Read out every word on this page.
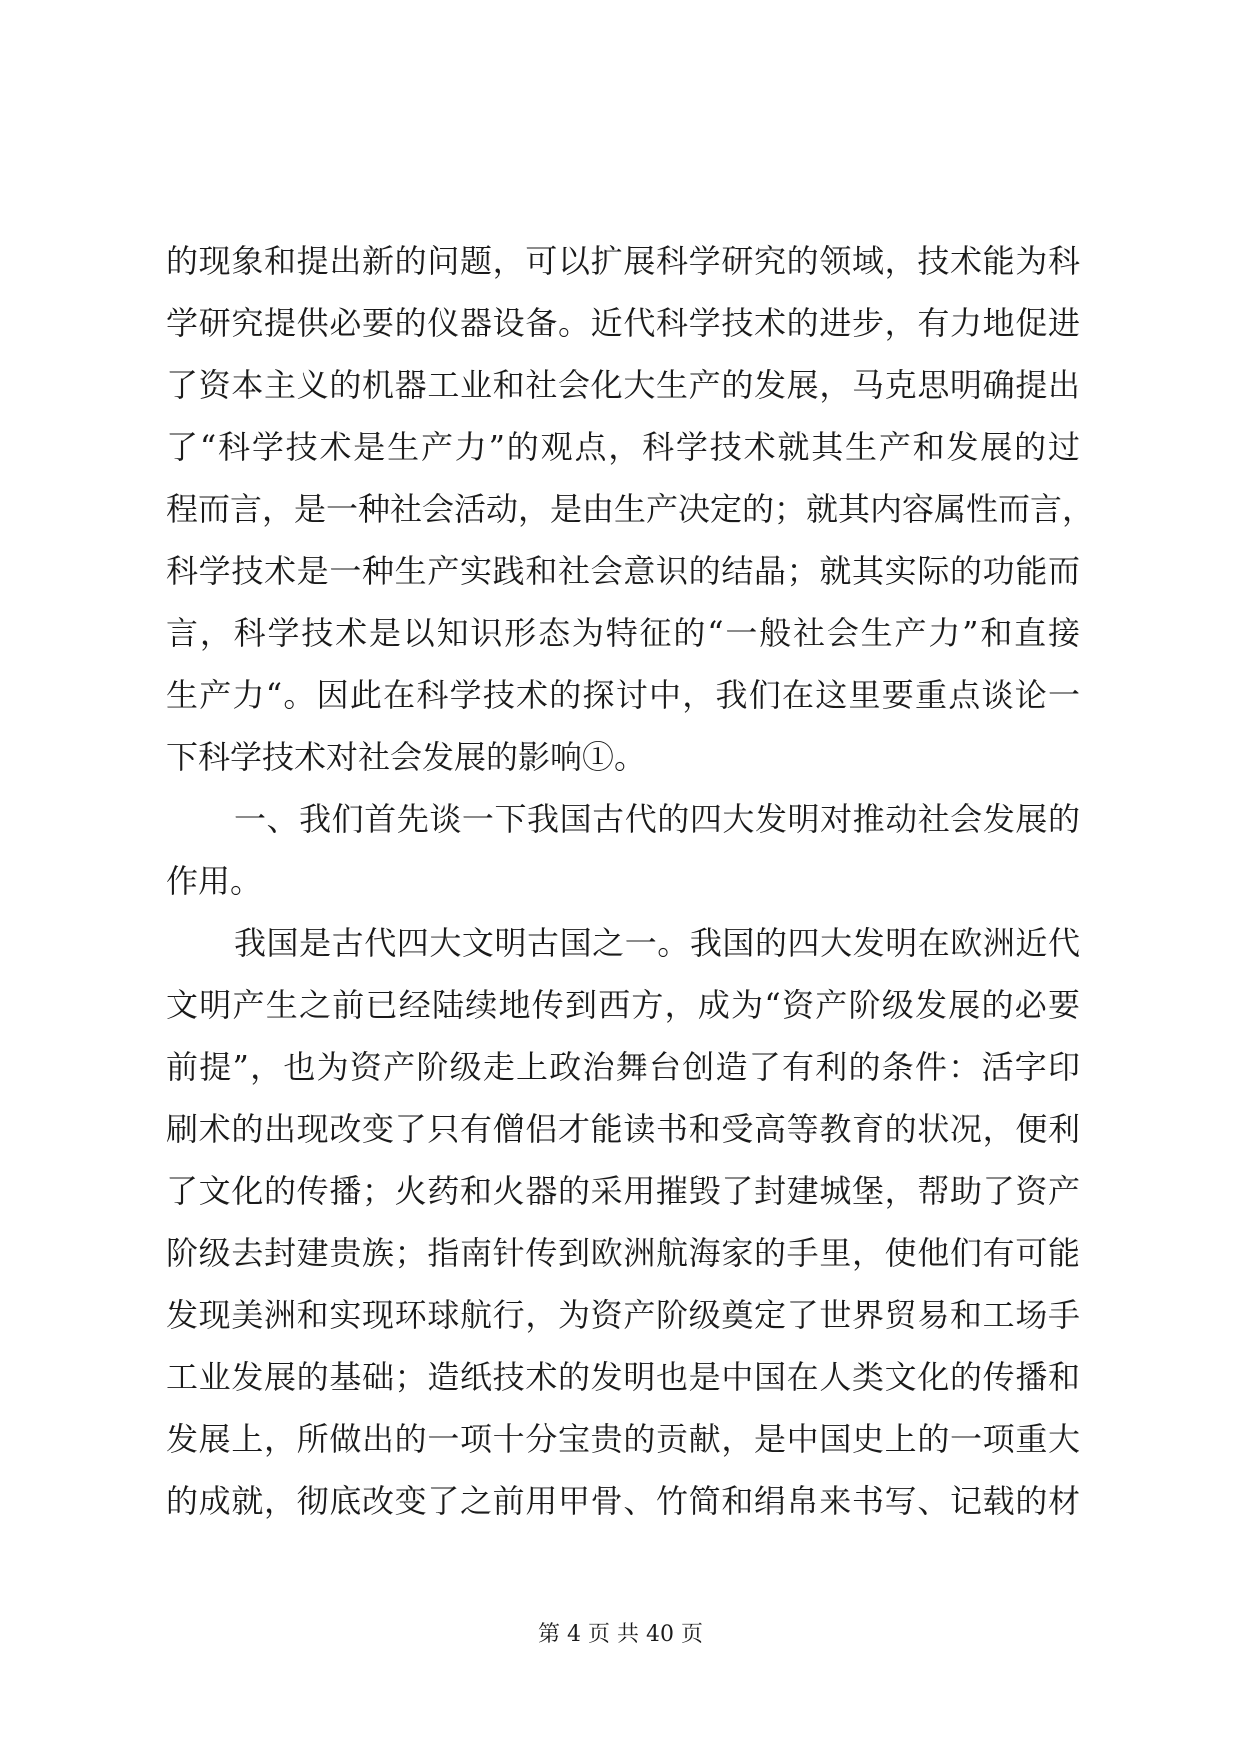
的现象和提出新的问题，可以扩展科学研究的领域，技术能为科
学研究提供必要的仪器设备。近代科学技术的进步，有力地促进
了资本主义的机器工业和社会化大生产的发展，马克思明确提出
了“科学技术是生产力”的观点，科学技术就其生产和发展的过
程而言，是一种社会活动，是由生产决定的；就其内容属性而言，
科学技术是一种生产实践和社会意识的结晶；就其实际的功能而
言，科学技术是以知识形态为特征的“一般社会生产力”和直接
生产力“。因此在科学技术的探讨中，我们在这里要重点谈论一
下科学技术对社会发展的影响①。
一、我们首先谈一下我国古代的四大发明对推动社会发展的
作用。
我国是古代四大文明古国之一。我国的四大发明在欧洲近代
文明产生之前已经陆续地传到西方，成为“资产阶级发展的必要
前提”，也为资产阶级走上政治舞台创造了有利的条件：活字印
刷术的出现改变了只有僧侣才能读书和受高等教育的状况，便利
了文化的传播；火药和火器的采用摧毁了封建城堡，帮助了资产
阶级去封建贵族；指南针传到欧洲航海家的手里，使他们有可能
发现美洲和实现环球航行，为资产阶级奠定了世界贸易和工场手
工业发展的基础；造纸技术的发明也是中国在人类文化的传播和
发展上，所做出的一项十分宝贵的贡献，是中国史上的一项重大
的成就，彻底改变了之前用甲骨、竹简和绢帛来书写、记载的材
第 4 页 共 40 页
